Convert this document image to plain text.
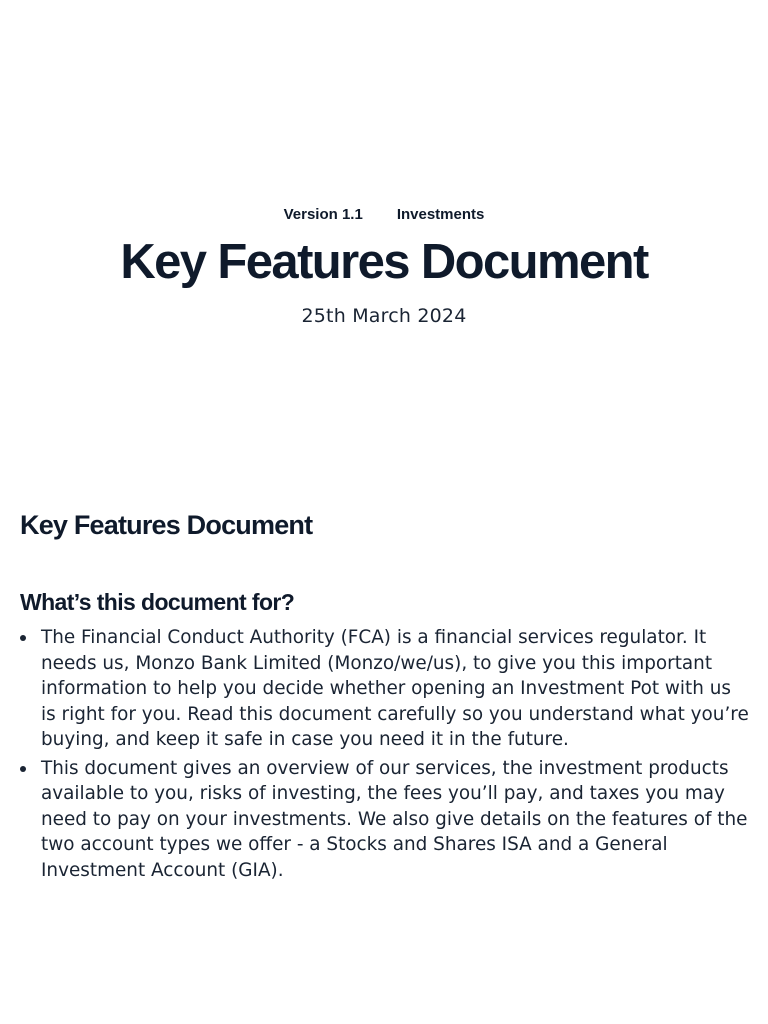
Version 1.1 Investments
Key Features Document
25th March 2024
Key Features Document
What’s this document for?
The Financial Conduct Authority (FCA) is a financial services regulator. It needs us, Monzo Bank Limited (Monzo/we/us), to give you this important information to help you decide whether opening an Investment Pot with us is right for you. Read this document carefully so you understand what you’re buying, and keep it safe in case you need it in the future.
This document gives an overview of our services, the investment products available to you, risks of investing, the fees you’ll pay, and taxes you may need to pay on your investments. We also give details on the features of the two account types we offer - a Stocks and Shares ISA and a General Investment Account (GIA).
